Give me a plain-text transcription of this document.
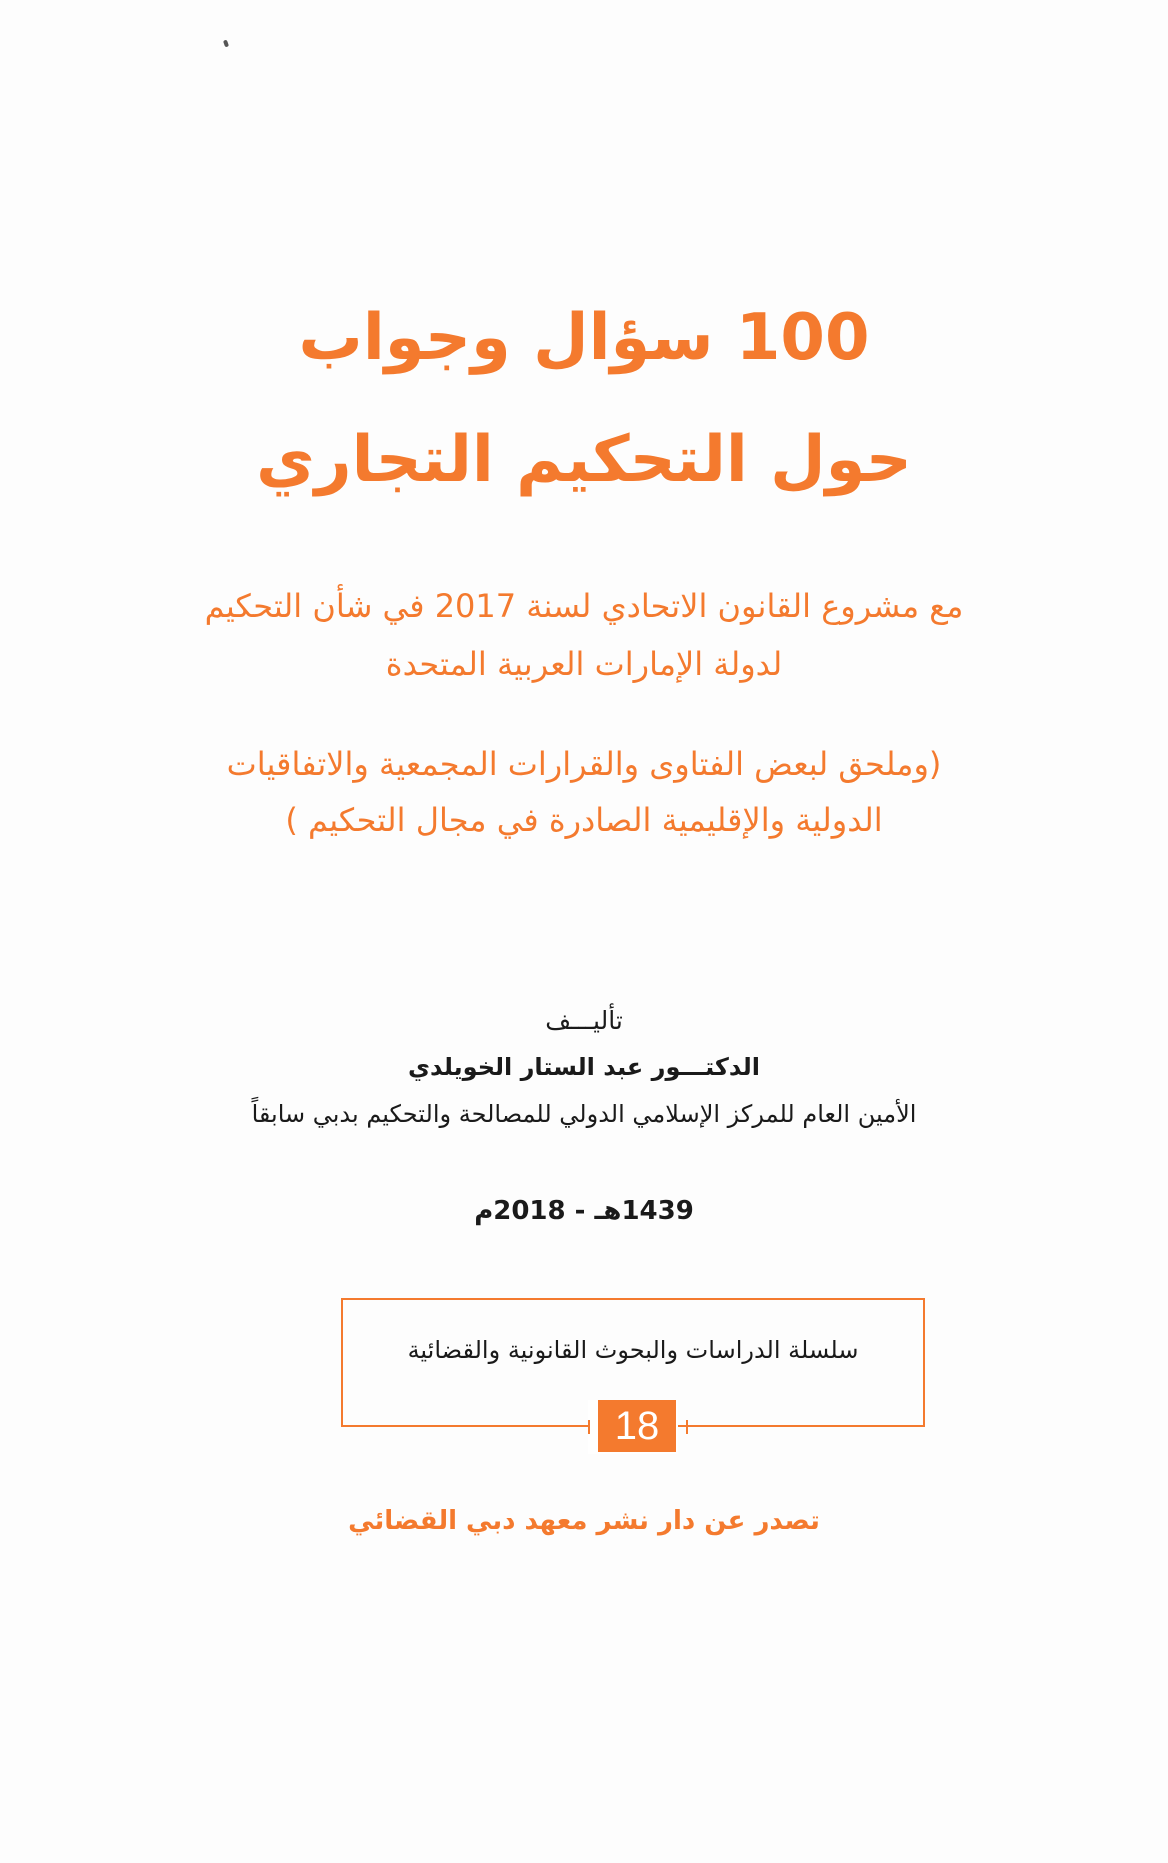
100 سؤال وجواب
حول التحكيم التجاري

مع مشروع القانون الاتحادي لسنة 2017 في شأن التحكيم

لدولة الإمارات العربية المتحدة

(وملحق لبعض الفتاوى والقرارات المجمعية والاتفاقيات

الدولية والإقليمية الصادرة في مجال التحكيم )

تأليـــف

الدكتـــور عبد الستار الخويلدي

الأمين العام للمركز الإسلامي الدولي للمصالحة والتحكيم بدبي سابقاً

1439هـ - 2018م

سلسلة الدراسات والبحوث القانونية والقضائية

18

تصدر عن دار نشر معهد دبي القضائي
